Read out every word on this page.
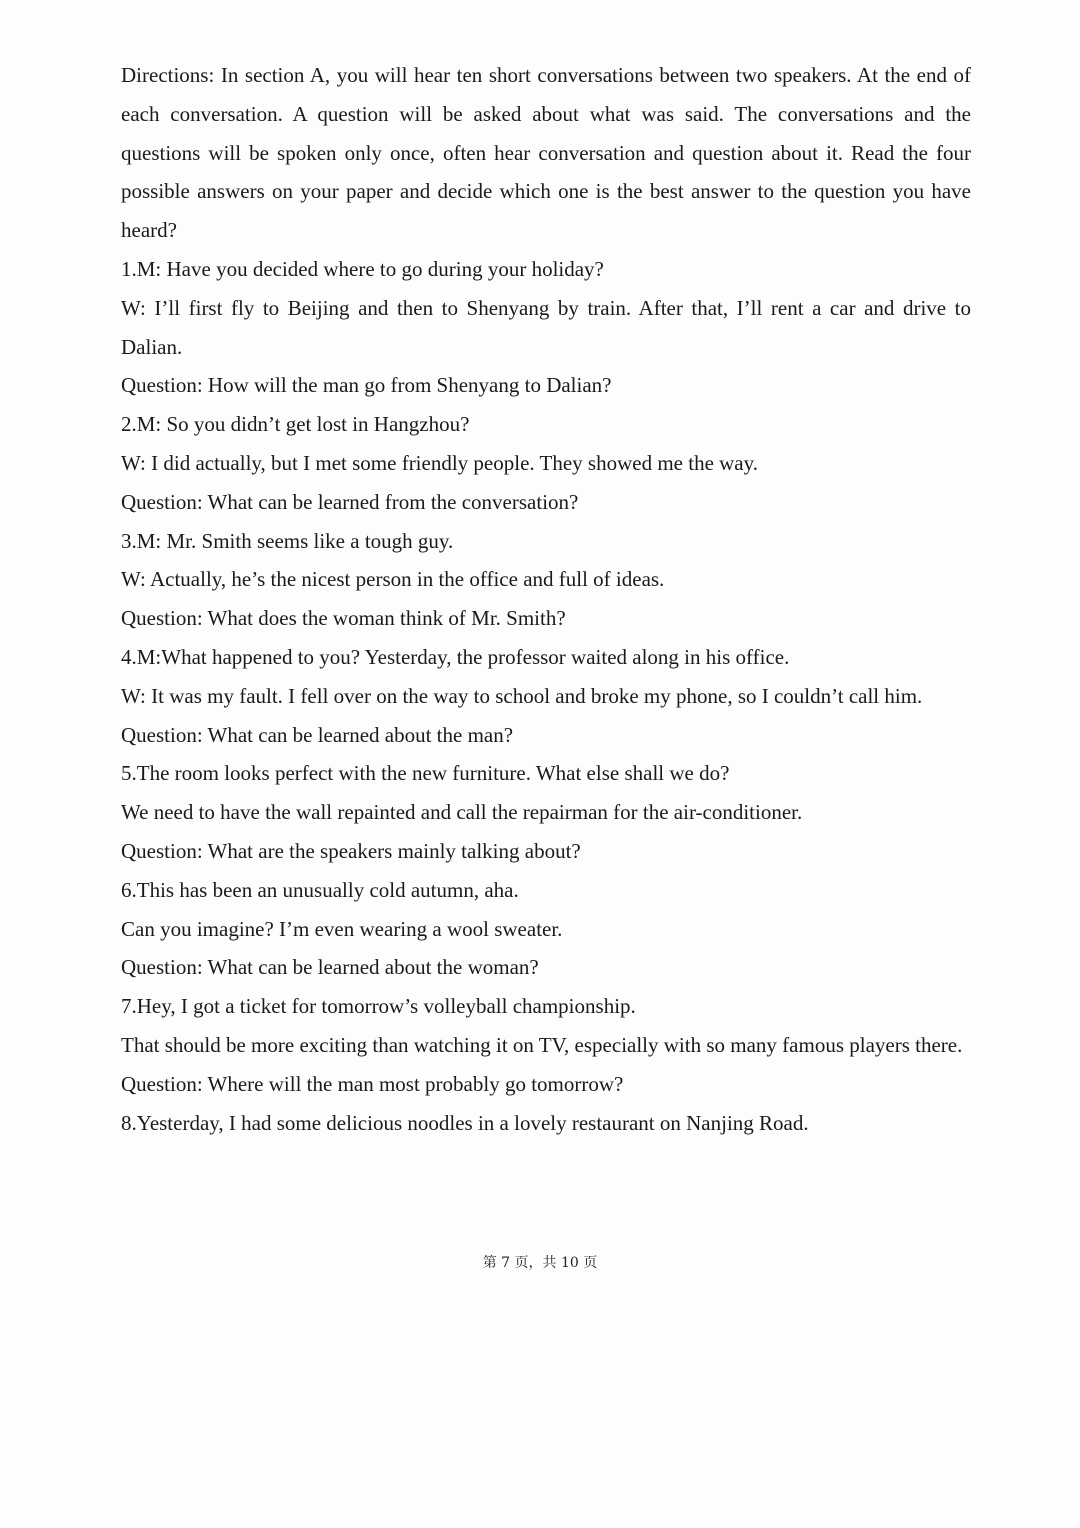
Directions: In section A, you will hear ten short conversations between two speakers. At the end of each conversation. A question will be asked about what was said. The conversations and the questions will be spoken only once, often hear conversation and question about it. Read the four possible answers on your paper and decide which one is the best answer to the question you have heard?

1.M: Have you decided where to go during your holiday?

W: I’ll first fly to Beijing and then to Shenyang by train. After that, I’ll rent a car and drive to Dalian.

Question: How will the man go from Shenyang to Dalian?

2.M: So you didn’t get lost in Hangzhou?

W: I did actually, but I met some friendly people. They showed me the way.

Question: What can be learned from the conversation?

3.M: Mr. Smith seems like a tough guy.

W: Actually, he’s the nicest person in the office and full of ideas.

Question: What does the woman think of Mr. Smith?

4.M:What happened to you? Yesterday, the professor waited along in his office.

W: It was my fault. I fell over on the way to school and broke my phone, so I couldn’t call him.

Question: What can be learned about the man?

5.The room looks perfect with the new furniture. What else shall we do?

We need to have the wall repainted and call the repairman for the air-conditioner.

Question: What are the speakers mainly talking about?

6.This has been an unusually cold autumn, aha.

Can you imagine? I’m even wearing a wool sweater.

Question: What can be learned about the woman?

7.Hey, I got a ticket for tomorrow’s volleyball championship.

That should be more exciting than watching it on TV, especially with so many famous players there.

Question: Where will the man most probably go tomorrow?

8.Yesterday, I had some delicious noodles in a lovely restaurant on Nanjing Road.

第 7 页，共 10 页
